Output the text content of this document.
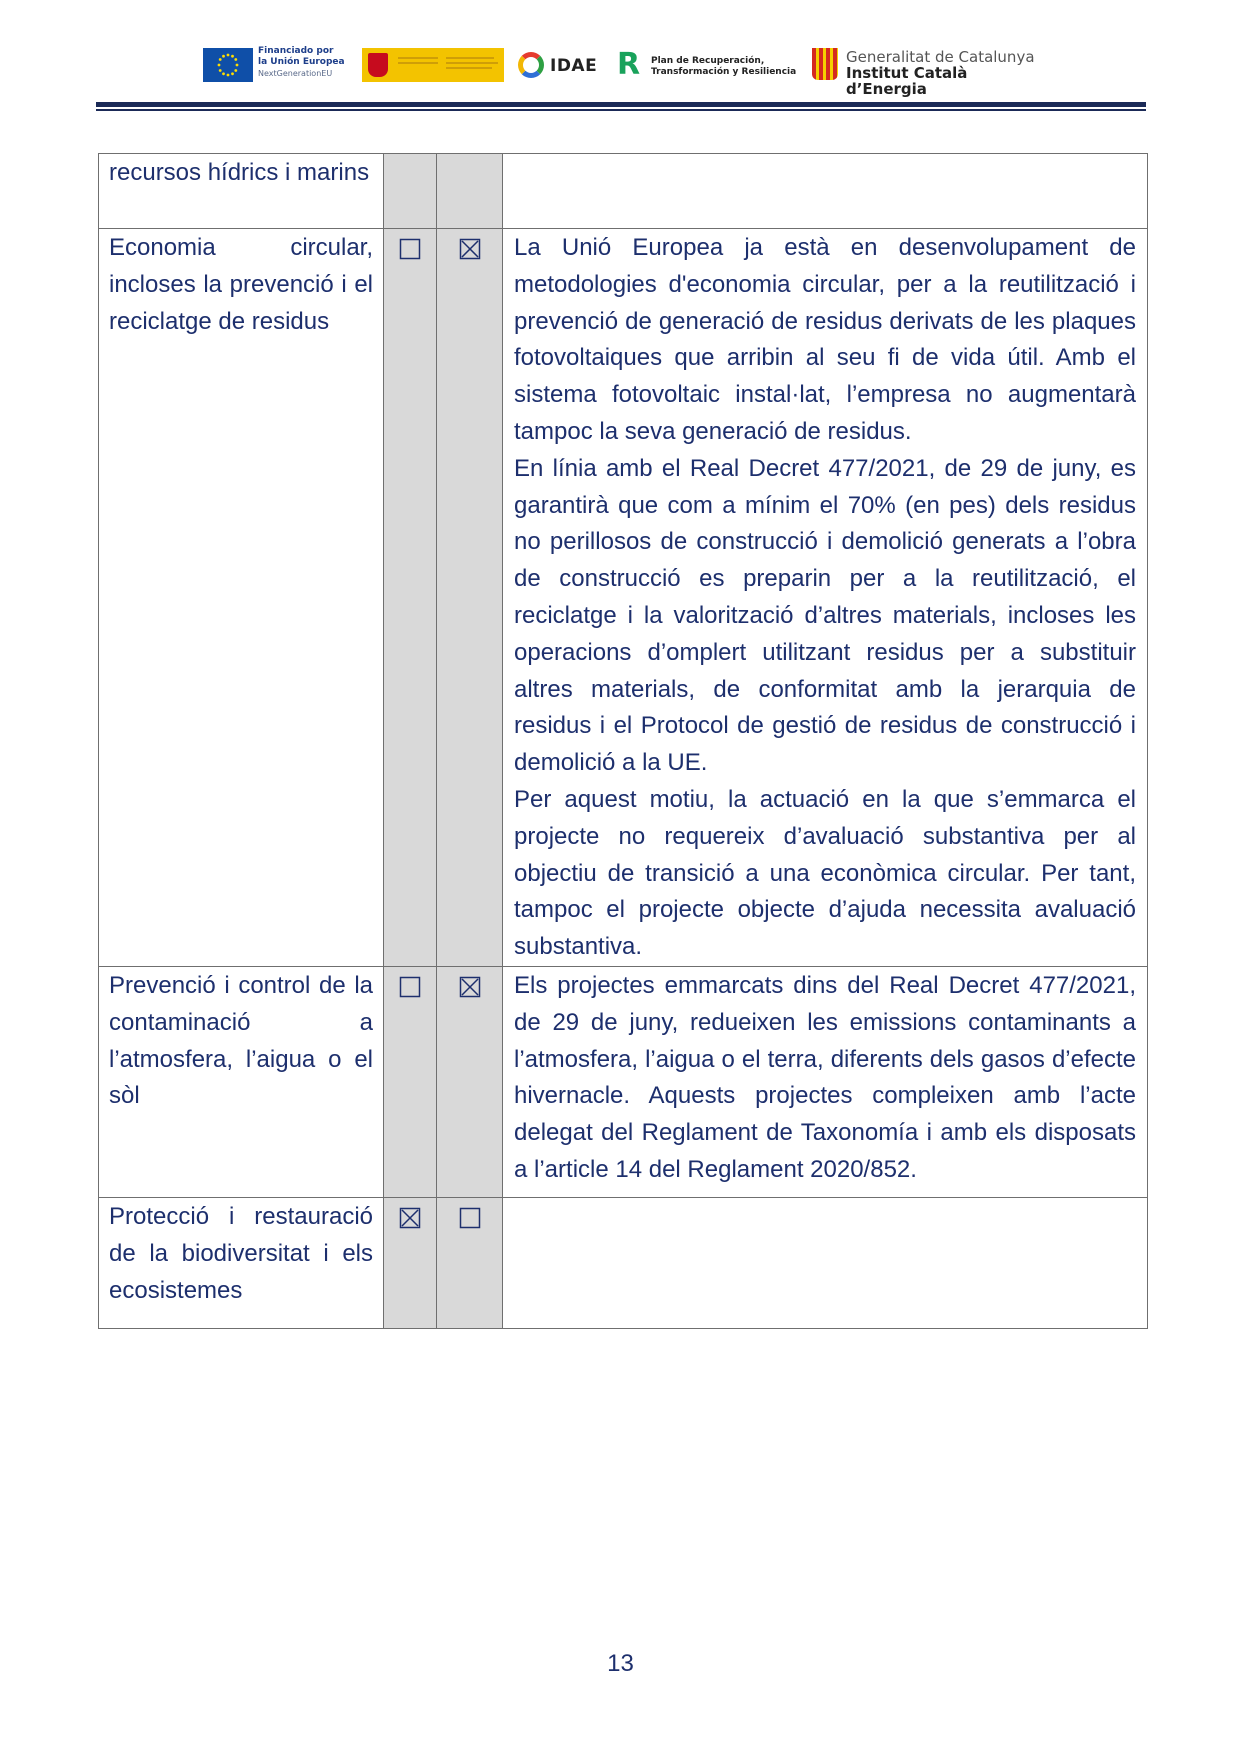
Financiado por
la Unión Europea
NextGenerationEU	IDAE R Plan de Recuperación,
Transformación y Resiliencia
Generalitat de Catalunya
Institut Català d’Energia
recursos hídrics i marins			
Economia circular, incloses la prevenció i el reciclatge de residus			La Unió Europea ja està en desenvolupament de metodologies d'economia circular, per a la reutilització i prevenció de generació de residus derivats de les plaques fotovoltaiques que arribin al seu fi de vida útil. Amb el sistema fotovoltaic instal·lat, l’empresa no augmentarà tampoc la seva generació de residus.

En línia amb el Real Decret 477/2021, de 29 de juny, es garantirà que com a mínim el 70% (en pes) dels residus no perillosos de construcció i demolició generats a l’obra de construcció es preparin per a la reutilització, el reciclatge i la valorització d’altres materials, incloses les operacions d’omplert utilitzant residus per a substituir altres materials, de conformitat amb la jerarquia de residus i el Protocol de gestió de residus de construcció i demolició a la UE.

Per aquest motiu, la actuació en la que s’emmarca el projecte no requereix d’avaluació substantiva per al objectiu de transició a una econòmica circular. Per tant, tampoc el projecte objecte d’ajuda necessita avaluació substantiva.

Prevenció i control de la contaminació a l’atmosfera, l’aigua o el sòl			Els projectes emmarcats dins del Real Decret 477/2021, de 29 de juny, redueixen les emissions contaminants a l’atmosfera, l’aigua o el terra, diferents dels gasos d’efecte hivernacle. Aquests projectes compleixen amb l’acte delegat del Reglament de Taxonomía i amb els disposats a l’article 14 del Reglament 2020/852.

Protecció i restauració de la biodiversitat i els ecosistemes	

13
